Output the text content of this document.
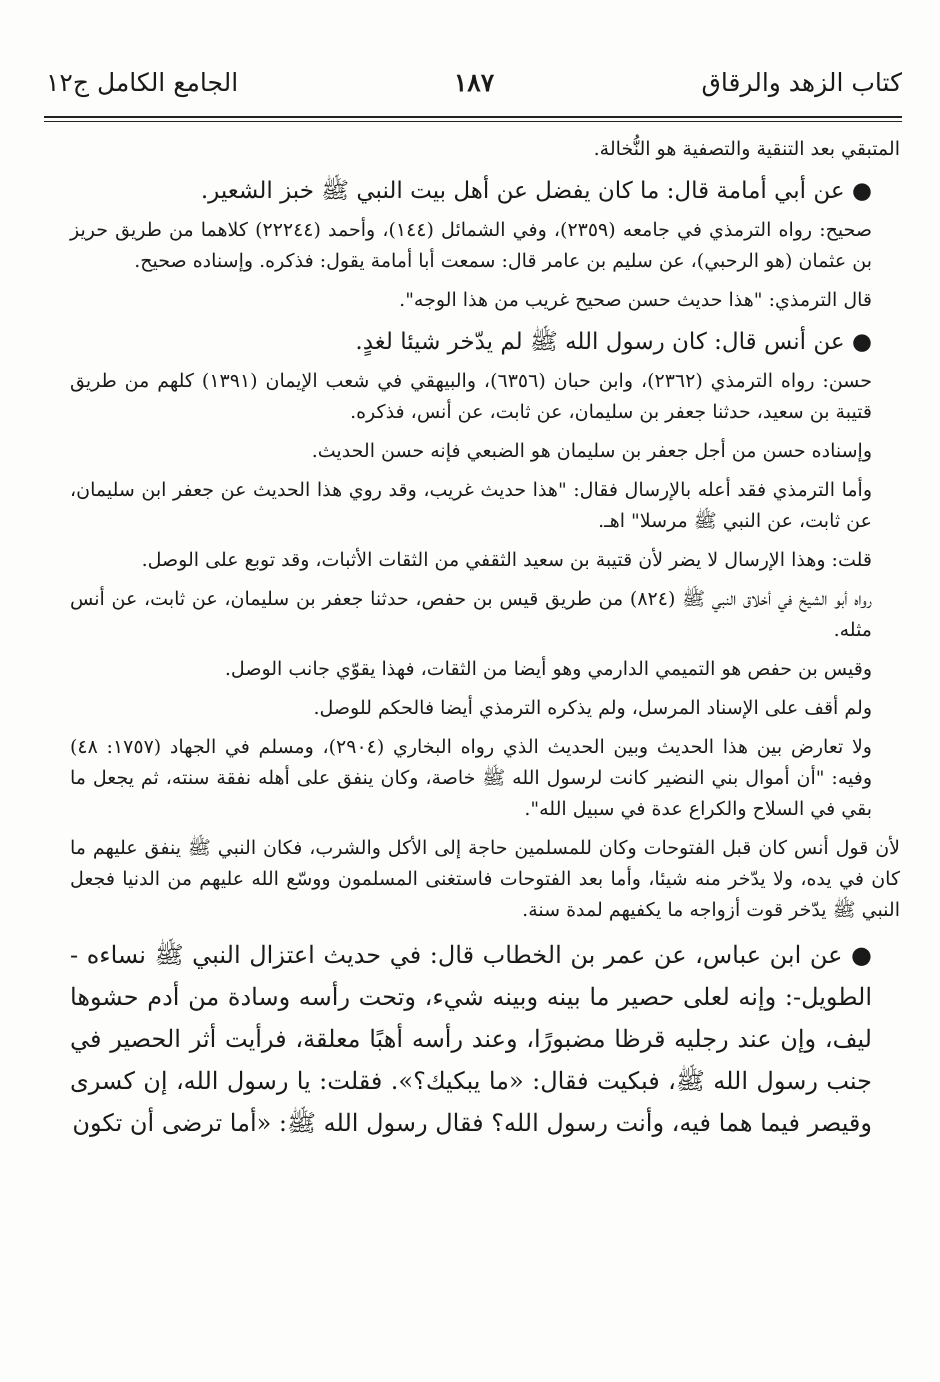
كتاب الزهد والرقاق
١٨٧
الجامع الكامل ج١٢

المتبقي بعد التنقية والتصفية هو النُّخالة.

● عن أبي أمامة قال: ما كان يفضل عن أهل بيت النبي ﷺ خبز الشعير.

صحيح: رواه الترمذي في جامعه (٢٣٥٩)، وفي الشمائل (١٤٤)، وأحمد (٢٢٢٤٤) كلاهما من طريق حريز بن عثمان (هو الرحبي)، عن سليم بن عامر قال: سمعت أبا أمامة يقول: فذكره. وإسناده صحيح.

قال الترمذي: "هذا حديث حسن صحيح غريب من هذا الوجه".

● عن أنس قال: كان رسول الله ﷺ لم يدّخر شيئا لغدٍ.

حسن: رواه الترمذي (٢٣٦٢)، وابن حبان (٦٣٥٦)، والبيهقي في شعب الإيمان (١٣٩١) كلهم من طريق قتيبة بن سعيد، حدثنا جعفر بن سليمان، عن ثابت، عن أنس، فذكره.

وإسناده حسن من أجل جعفر بن سليمان هو الضبعي فإنه حسن الحديث.

وأما الترمذي فقد أعله بالإرسال فقال: "هذا حديث غريب، وقد روي هذا الحديث عن جعفر ابن سليمان، عن ثابت، عن النبي ﷺ مرسلا" اهـ.

قلت: وهذا الإرسال لا يضر لأن قتيبة بن سعيد الثقفي من الثقات الأثبات، وقد توبع على الوصل.

رواه أبو الشيخ في أخلاق النبي ﷺ (٨٢٤) من طريق قيس بن حفص، حدثنا جعفر بن سليمان، عن ثابت، عن أنس مثله.

وقيس بن حفص هو التميمي الدارمي وهو أيضا من الثقات، فهذا يقوّي جانب الوصل.

ولم أقف على الإسناد المرسل، ولم يذكره الترمذي أيضا فالحكم للوصل.

ولا تعارض بين هذا الحديث وبين الحديث الذي رواه البخاري (٢٩٠٤)، ومسلم في الجهاد (١٧٥٧: ٤٨) وفيه: "أن أموال بني النضير كانت لرسول الله ﷺ خاصة، وكان ينفق على أهله نفقة سنته، ثم يجعل ما بقي في السلاح والكراع عدة في سبيل الله".

لأن قول أنس كان قبل الفتوحات وكان للمسلمين حاجة إلى الأكل والشرب، فكان النبي ﷺ ينفق عليهم ما كان في يده، ولا يدّخر منه شيئا، وأما بعد الفتوحات فاستغنى المسلمون ووسّع الله عليهم من الدنيا فجعل النبي ﷺ يدّخر قوت أزواجه ما يكفيهم لمدة سنة.

● عن ابن عباس، عن عمر بن الخطاب قال: في حديث اعتزال النبي ﷺ نساءه - الطويل-: وإنه لعلى حصير ما بينه وبينه شيء، وتحت رأسه وسادة من أدم حشوها ليف، وإن عند رجليه قرظا مضبورًا، وعند رأسه أهبًا معلقة، فرأيت أثر الحصير في جنب رسول الله ﷺ، فبكيت فقال: «ما يبكيك؟». فقلت: يا رسول الله، إن كسرى وقيصر فيما هما فيه، وأنت رسول الله؟ فقال رسول الله ﷺ: «أما ترضى أن تكون
